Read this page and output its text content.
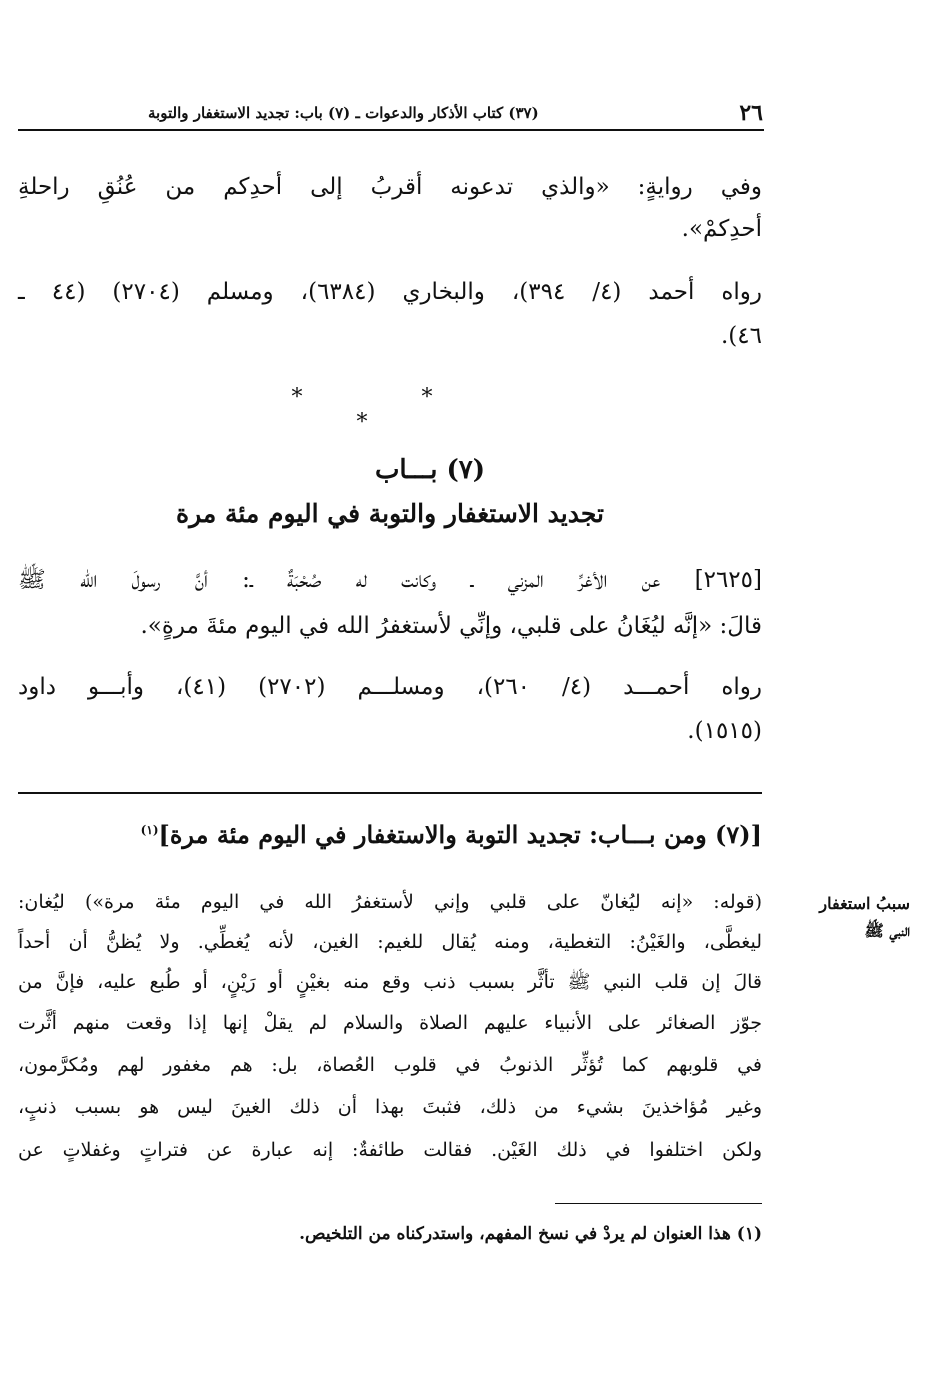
٢٦
(٣٧) كتاب الأذكار والدعوات ـ (٧) باب: تجديد الاستغفار والتوبة
وفي روايةٍ: «والذي تدعونه أقربُ إلى أحدِكم من عُنُقِ راحلةِ
أحدِكمْ».
رواه أحمد (٤/ ٣٩٤)، والبخاري (٦٣٨٤)، ومسلم (٢٧٠٤) (٤٤ ـ
٤٦).
* * *
(٧) بـــاب
تجديد الاستغفار والتوبة في اليوم مئة مرة
[٢٦٢٥] عن الأغرِّ المزني ـ وكانت له صُحْبَةٌ ـ: أنَّ رسولَ الله ﷺ
قالَ: «إنَّه ليُغَانُ على قلبي، وإنِّي لأستغفرُ الله في اليوم مئةَ مرةٍ».
رواه أحمـــد (٤/ ٢٦٠)، ومسلـــم (٢٧٠٢) (٤١)، وأبـــو داود
(١٥١٥).
[(٧) ومن بـــاب: تجديد التوبة والاستغفار في اليوم مئة مرة]$^{(١)}$
سببُ استغفار
النبي ﷺ
(قوله: «إنه ليُغانّ على قلبي وإني لأستغفرُ الله في اليوم مئة مرة») ليُغان:
ليغطَّى، والغَيْنُ: التغطية، ومنه يُقال للغيم: الغين، لأنه يُغطِّي. ولا يُظنُّ أن أحداً
قالَ إن قلب النبي ﷺ تأثَّر بسبب ذنب وقع منه بغيْنٍ أو رَيْنٍ، أو طُبع عليه، فإنَّ من
جوّز الصغائر على الأنبياء عليهم الصلاة والسلام لم يقلْ إنها إذا وقعت منهم أثَّرت
في قلوبهم كما تُؤثِّر الذنوبُ في قلوب العُصاة، بل: هم مغفور لهم ومُكرَّمون،
وغير مُؤاخذينَ بشيء من ذلك، فثبتَ بهذا أن ذلك الغينَ ليس هو بسبب ذنبٍ،
ولكن اختلفوا في ذلك الغَيْن. فقالت طائفةٌ: إنه عبارة عن فتراتٍ وغفلاتٍ عن
(١) هذا العنوان لم يردْ في نسخ المفهم، واستدركناه من التلخيص.
